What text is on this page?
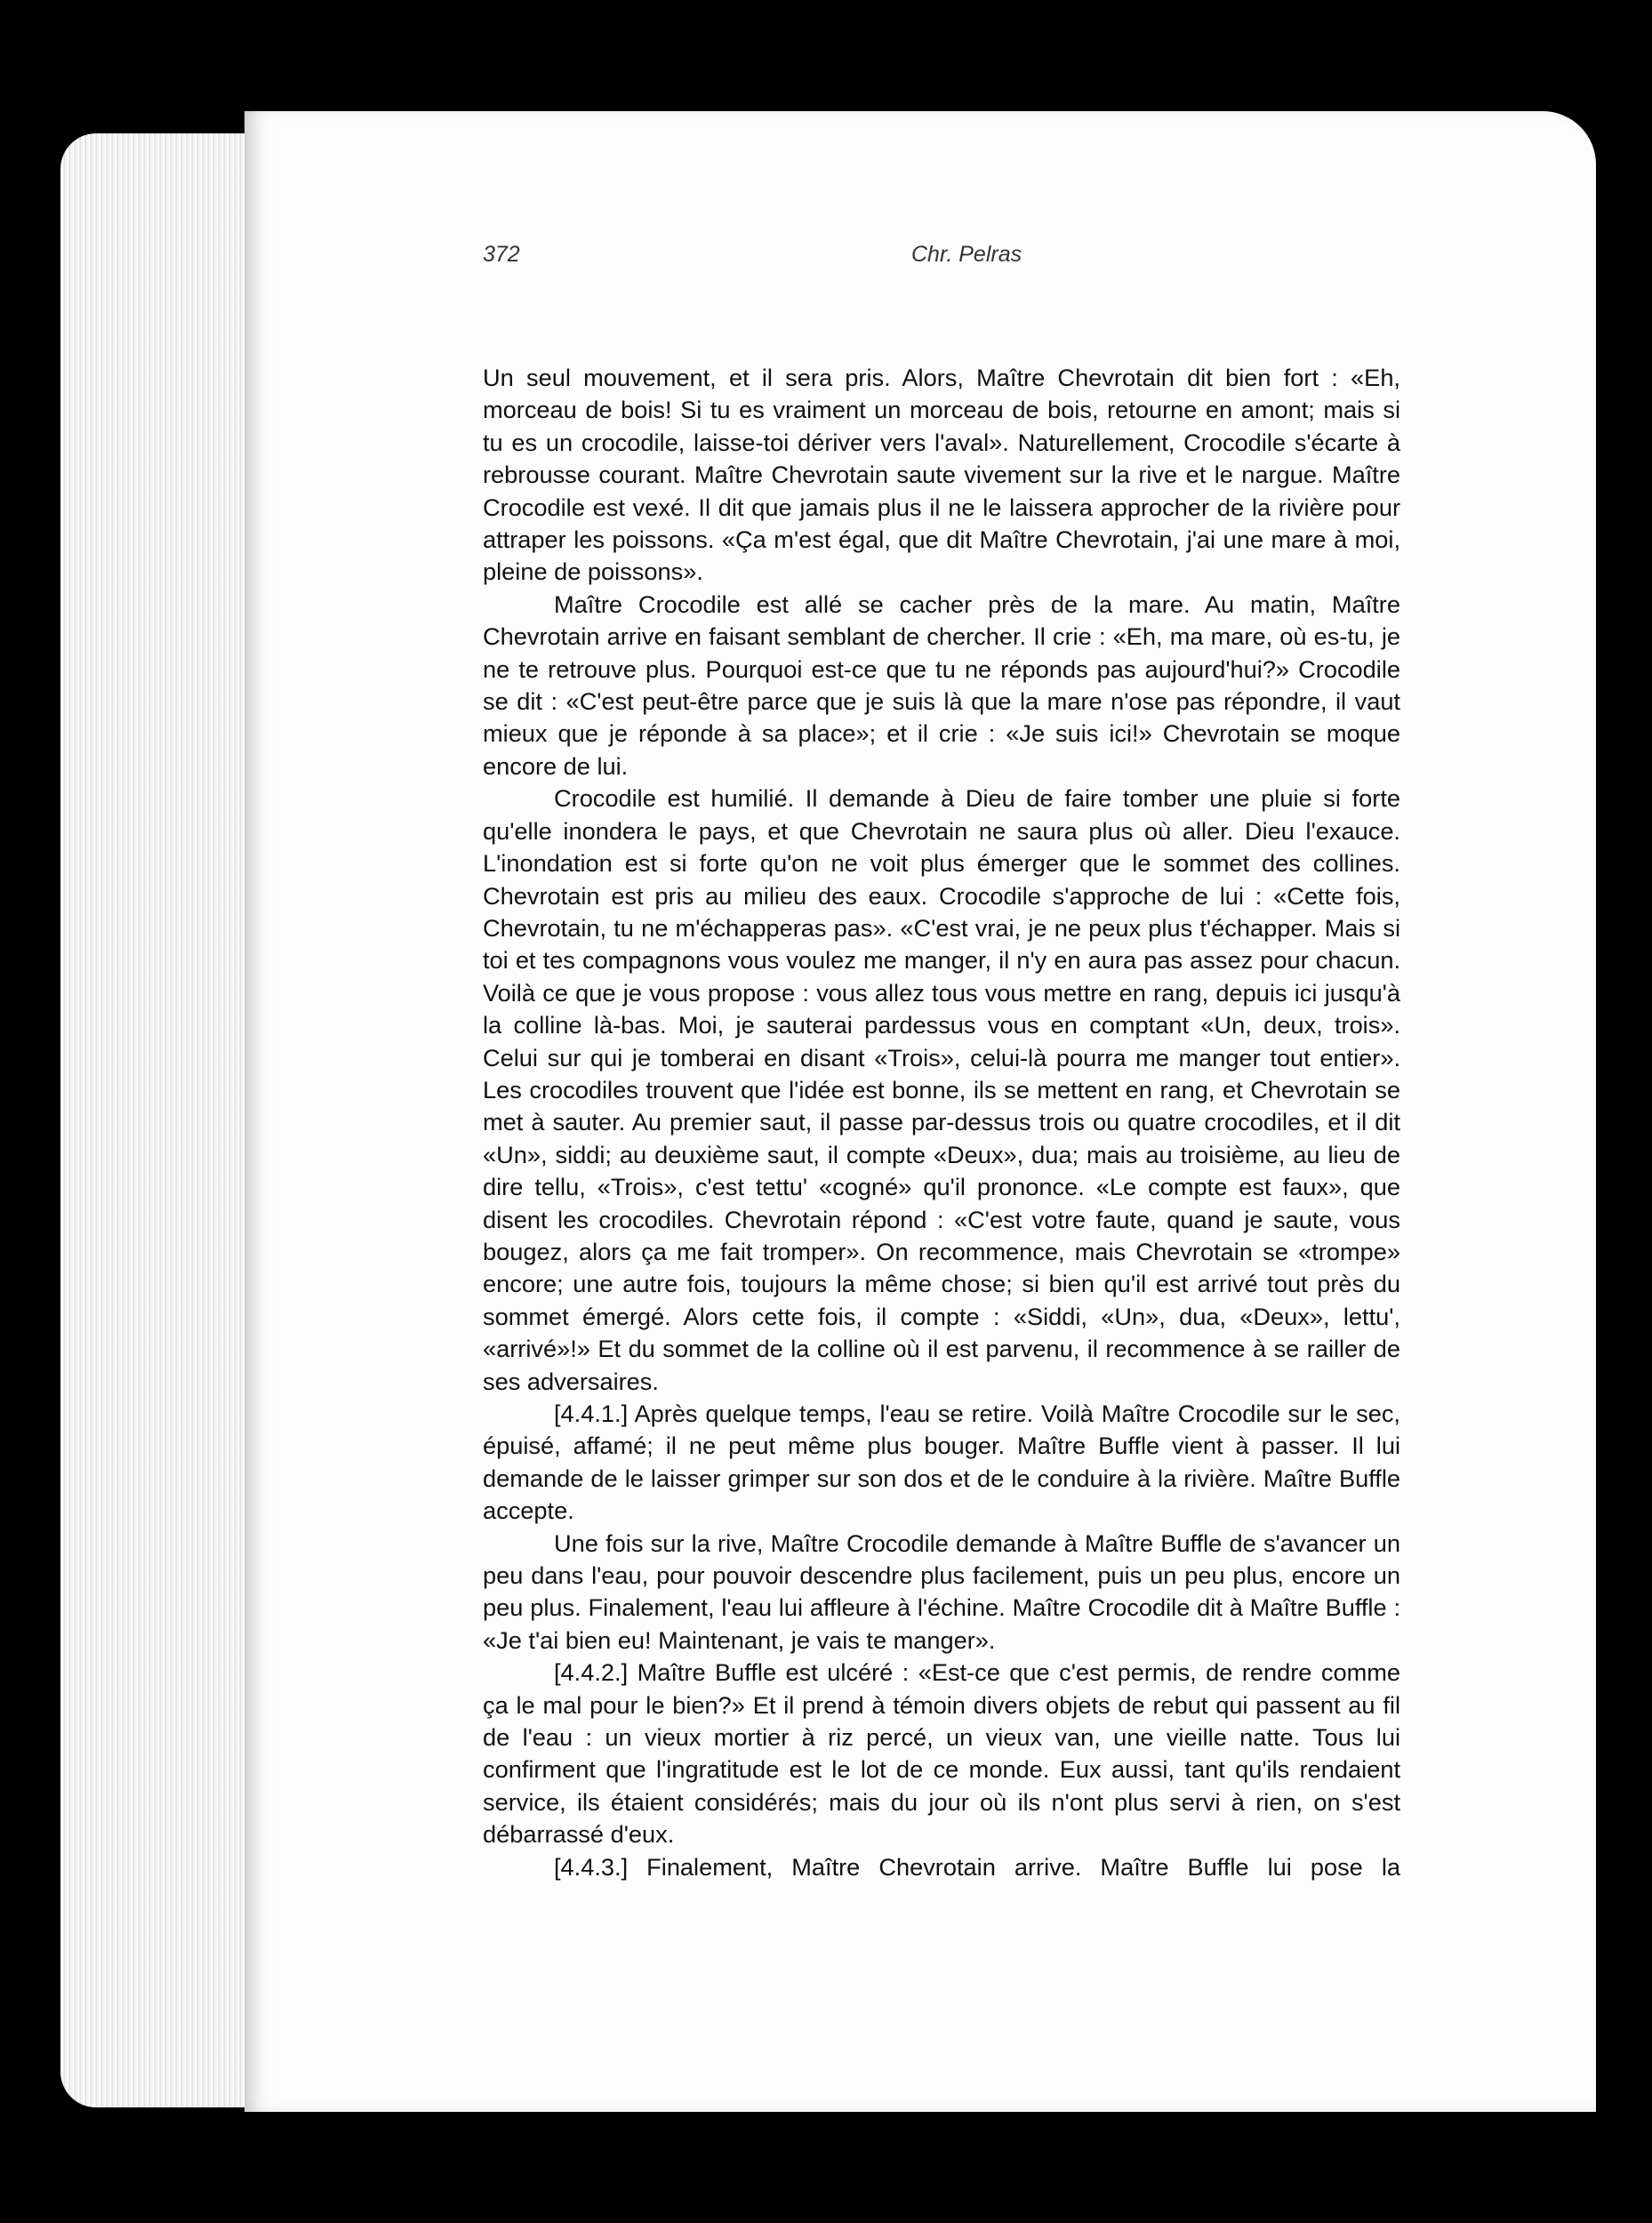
372	Chr. Pelras

Un seul mouvement, et il sera pris. Alors, Maître Chevrotain dit bien fort : «Eh, morceau de bois! Si tu es vraiment un morceau de bois, retourne en amont; mais si tu es un crocodile, laisse-toi dériver vers l'aval». Naturellement, Crocodile s'écarte à rebrousse courant. Maître Chevrotain saute vivement sur la rive et le nargue. Maître Crocodile est vexé. Il dit que jamais plus il ne le laissera approcher de la rivière pour attraper les poissons. «Ça m'est égal, que dit Maître Chevrotain, j'ai une mare à moi, pleine de poissons».

Maître Crocodile est allé se cacher près de la mare. Au matin, Maître Chevrotain arrive en faisant semblant de chercher. Il crie : «Eh, ma mare, où es-tu, je ne te retrouve plus. Pourquoi est-ce que tu ne réponds pas aujourd'hui?» Crocodile se dit : «C'est peut-être parce que je suis là que la mare n'ose pas répondre, il vaut mieux que je réponde à sa place»; et il crie : «Je suis ici!» Chevrotain se moque encore de lui.

Crocodile est humilié. Il demande à Dieu de faire tomber une pluie si forte qu'elle inondera le pays, et que Chevrotain ne saura plus où aller. Dieu l'exauce. L'inondation est si forte qu'on ne voit plus émerger que le sommet des collines. Chevrotain est pris au milieu des eaux. Crocodile s'approche de lui : «Cette fois, Chevrotain, tu ne m'échapperas pas». «C'est vrai, je ne peux plus t'échapper. Mais si toi et tes compagnons vous voulez me manger, il n'y en aura pas assez pour chacun. Voilà ce que je vous propose : vous allez tous vous mettre en rang, depuis ici jusqu'à la colline là-bas. Moi, je sauterai pardessus vous en comptant «Un, deux, trois». Celui sur qui je tomberai en disant «Trois», celui-là pourra me manger tout entier». Les crocodiles trouvent que l'idée est bonne, ils se mettent en rang, et Chevrotain se met à sauter. Au premier saut, il passe par-dessus trois ou quatre crocodiles, et il dit «Un», siddi; au deuxième saut, il compte «Deux», dua; mais au troisième, au lieu de dire tellu, «Trois», c'est tettu' «cogné» qu'il prononce. «Le compte est faux», que disent les crocodiles. Chevrotain répond : «C'est votre faute, quand je saute, vous bougez, alors ça me fait tromper». On recommence, mais Chevrotain se «trompe» encore; une autre fois, toujours la même chose; si bien qu'il est arrivé tout près du sommet émergé. Alors cette fois, il compte : «Siddi, «Un», dua, «Deux», lettu', «arrivé»!» Et du sommet de la colline où il est parvenu, il recommence à se railler de ses adversaires.

[4.4.1.] Après quelque temps, l'eau se retire. Voilà Maître Crocodile sur le sec, épuisé, affamé; il ne peut même plus bouger. Maître Buffle vient à passer. Il lui demande de le laisser grimper sur son dos et de le conduire à la rivière. Maître Buffle accepte.

Une fois sur la rive, Maître Crocodile demande à Maître Buffle de s'avancer un peu dans l'eau, pour pouvoir descendre plus facilement, puis un peu plus, encore un peu plus. Finalement, l'eau lui affleure à l'échine. Maître Crocodile dit à Maître Buffle : «Je t'ai bien eu! Maintenant, je vais te manger».

[4.4.2.] Maître Buffle est ulcéré : «Est-ce que c'est permis, de rendre comme ça le mal pour le bien?» Et il prend à témoin divers objets de rebut qui passent au fil de l'eau : un vieux mortier à riz percé, un vieux van, une vieille natte. Tous lui confirment que l'ingratitude est le lot de ce monde. Eux aussi, tant qu'ils rendaient service, ils étaient considérés; mais du jour où ils n'ont plus servi à rien, on s'est débarrassé d'eux.

[4.4.3.] Finalement, Maître Chevrotain arrive. Maître Buffle lui pose la
